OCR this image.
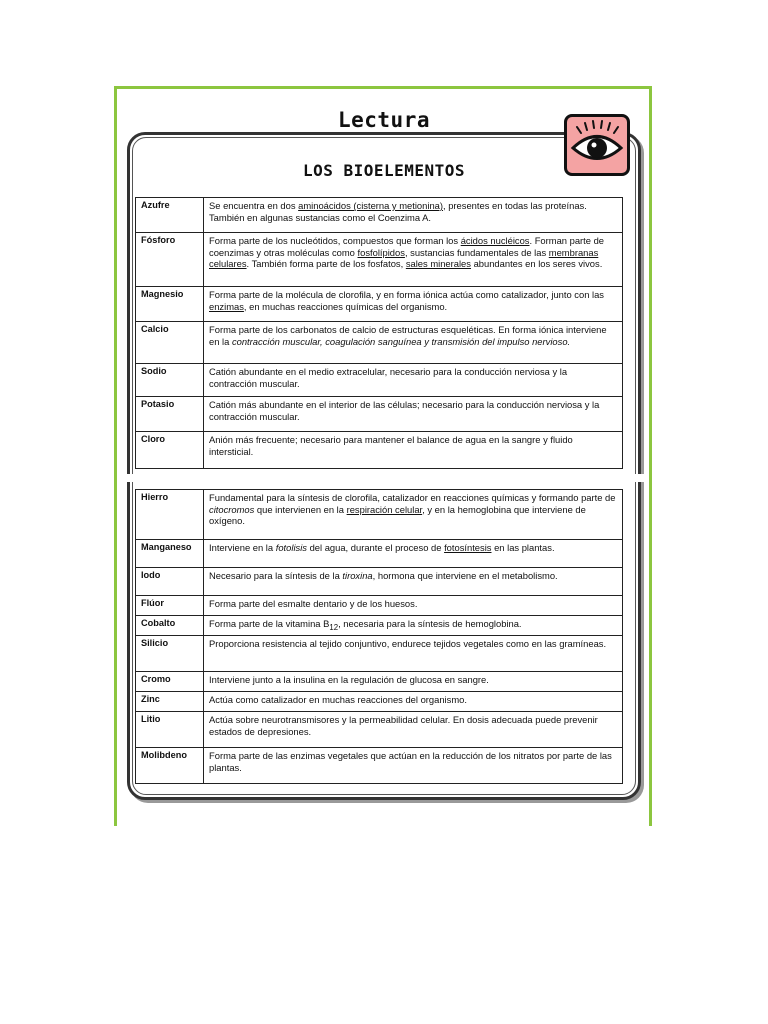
Lectura
LOS BIOELEMENTOS
Azufre	Se encuentra en dos aminoácidos (cisterna y metionina), presentes en todas las proteínas. También en algunas sustancias como el Coenzima A.
Fósforo	Forma parte de los nucleótidos, compuestos que forman los ácidos nucléicos. Forman parte de coenzimas y otras moléculas como fosfolípidos, sustancias fundamentales de las membranas celulares. También forma parte de los fosfatos, sales minerales abundantes en los seres vivos.
Magnesio	Forma parte de la molécula de clorofila, y en forma iónica actúa como catalizador, junto con las enzimas, en muchas reacciones químicas del organismo.
Calcio	Forma parte de los carbonatos de calcio de estructuras esqueléticas. En forma iónica interviene en la contracción muscular, coagulación sanguínea y transmisión del impulso nervioso.
Sodio	Catión abundante en el medio extracelular, necesario para la conducción nerviosa y la contracción muscular.
Potasio	Catión más abundante en el interior de las células; necesario para la conducción nerviosa y la contracción muscular.
Cloro	Anión más frecuente; necesario para mantener el balance de agua en la sangre y fluido intersticial.
Hierro	Fundamental para la síntesis de clorofila, catalizador en reacciones químicas y formando parte de citocromos que intervienen en la respiración celular, y en la hemoglobina que interviene de oxígeno.
Manganeso	Interviene en la fotolisis del agua, durante el proceso de fotosíntesis en las plantas.
Iodo	Necesario para la síntesis de la tiroxina, hormona que interviene en el metabolismo.
Flúor	Forma parte del esmalte dentario y de los huesos.
Cobalto	Forma parte de la vitamina $B_{12}$, necesaria para la síntesis de hemoglobina.
Silicio	Proporciona resistencia al tejido conjuntivo, endurece tejidos vegetales como en las gramíneas.
Cromo	Interviene junto a la insulina en la regulación de glucosa en sangre.
Zinc	Actúa como catalizador en muchas reacciones del organismo.
Litio	Actúa sobre neurotransmisores y la permeabilidad celular. En dosis adecuada puede prevenir estados de depresiones.
Molibdeno	Forma parte de las enzimas vegetales que actúan en la reducción de los nitratos por parte de las plantas.
